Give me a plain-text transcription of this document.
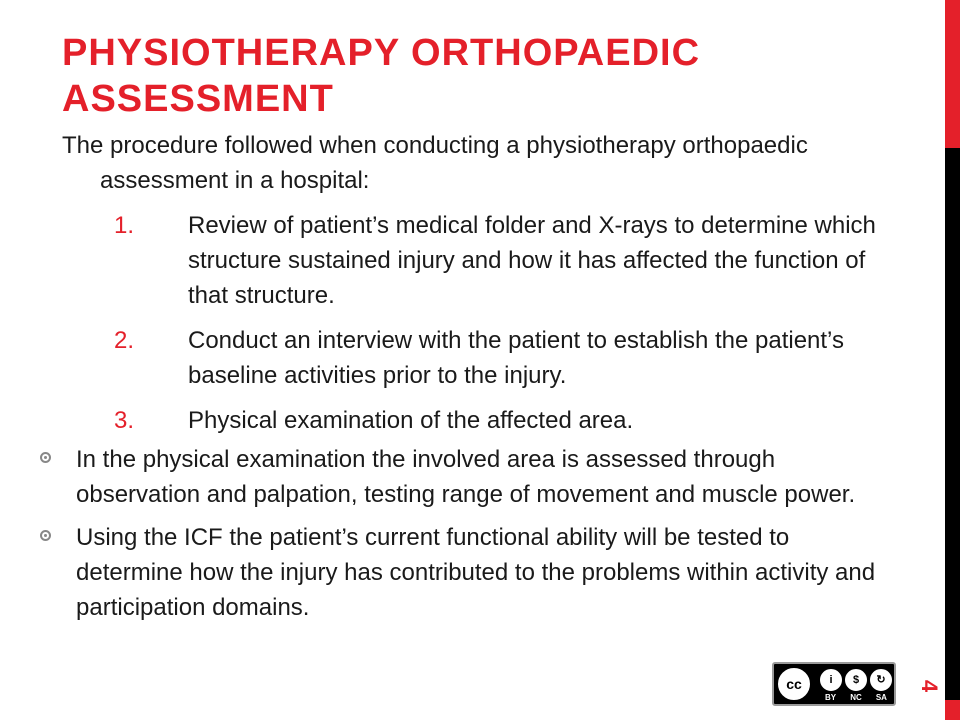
4
PHYSIOTHERAPY ORTHOPAEDIC ASSESSMENT

The procedure followed when conducting a physiotherapy orthopaedic assessment in a hospital:

1. Review of patient’s medical folder and X-rays to determine which structure sustained injury and how it has affected the function of that structure.
2. Conduct an interview with the patient to establish the patient’s baseline activities prior to the injury.
3. Physical examination of the affected area.
In the physical examination the involved area is assessed through observation and palpation, testing range of movement and muscle power.
Using the ICF the patient’s current functional ability will be tested to determine how the injury has contributed to the problems within activity and participation domains.
cc	i	$	↻
BY NC SA
